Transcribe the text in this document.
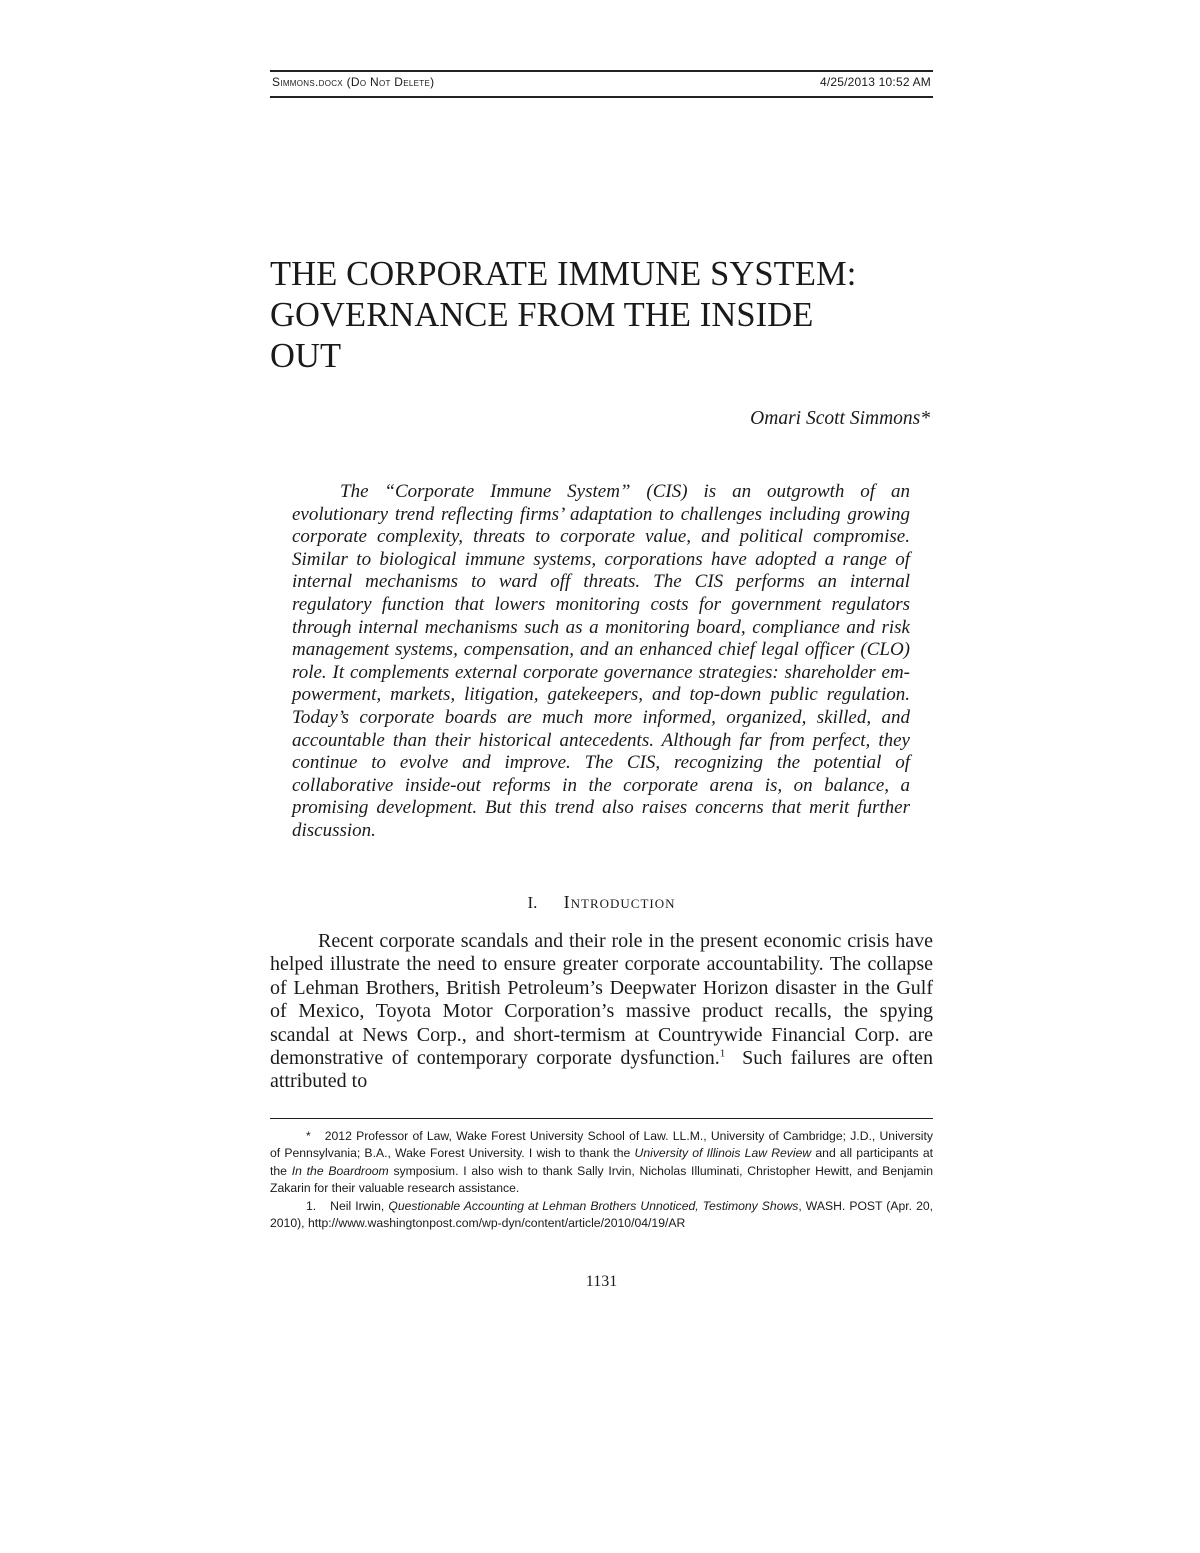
Simmons.docx (Do Not Delete)	4/25/2013 10:52 AM
THE CORPORATE IMMUNE SYSTEM:
GOVERNANCE FROM THE INSIDE
OUT
Omari Scott Simmons*

The “Corporate Immune System” (CIS) is an outgrowth of an evolutionary trend reflecting firms’ adaptation to challenges including growing corporate complexity, threats to corporate value, and political compromise. Similar to biological immune systems, corporations have adopted a range of internal mechanisms to ward off threats. The CIS performs an internal regulatory function that lowers monitoring costs for government regulators through internal mechanisms such as a monitoring board, compliance and risk management systems, compensation, and an enhanced chief legal officer (CLO) role. It complements external corporate governance strategies: shareholder empowerment, markets, litigation, gatekeepers, and top-down public regulation. Today’s corporate boards are much more informed, organized, skilled, and accountable than their historical antecedents. Although far from perfect, they continue to evolve and improve. The CIS, recognizing the potential of collaborative inside-out reforms in the corporate arena is, on balance, a promising development. But this trend also raises concerns that merit further discussion.

I. Introduction

Recent corporate scandals and their role in the present economic crisis have helped illustrate the need to ensure greater corporate accountability. The collapse of Lehman Brothers, British Petroleum’s Deepwater Horizon disaster in the Gulf of Mexico, Toyota Motor Corporation’s massive product recalls, the spying scandal at News Corp., and short-termism at Countrywide Financial Corp. are demonstrative of contemporary corporate dysfunction.$^1$ Such failures are often attributed to

* 2012 Professor of Law, Wake Forest University School of Law. LL.M., University of Cambridge; J.D., University of Pennsylvania; B.A., Wake Forest University. I wish to thank the University of Illinois Law Review and all participants at the In the Boardroom symposium. I also wish to thank Sally Irvin, Nicholas Illuminati, Christopher Hewitt, and Benjamin Zakarin for their valuable research assistance.

1. Neil Irwin, Questionable Accounting at Lehman Brothers Unnoticed, Testimony Shows, WASH. POST (Apr. 20, 2010), http://www.washingtonpost.com/wp-dyn/content/article/2010/04/19/AR

1131
